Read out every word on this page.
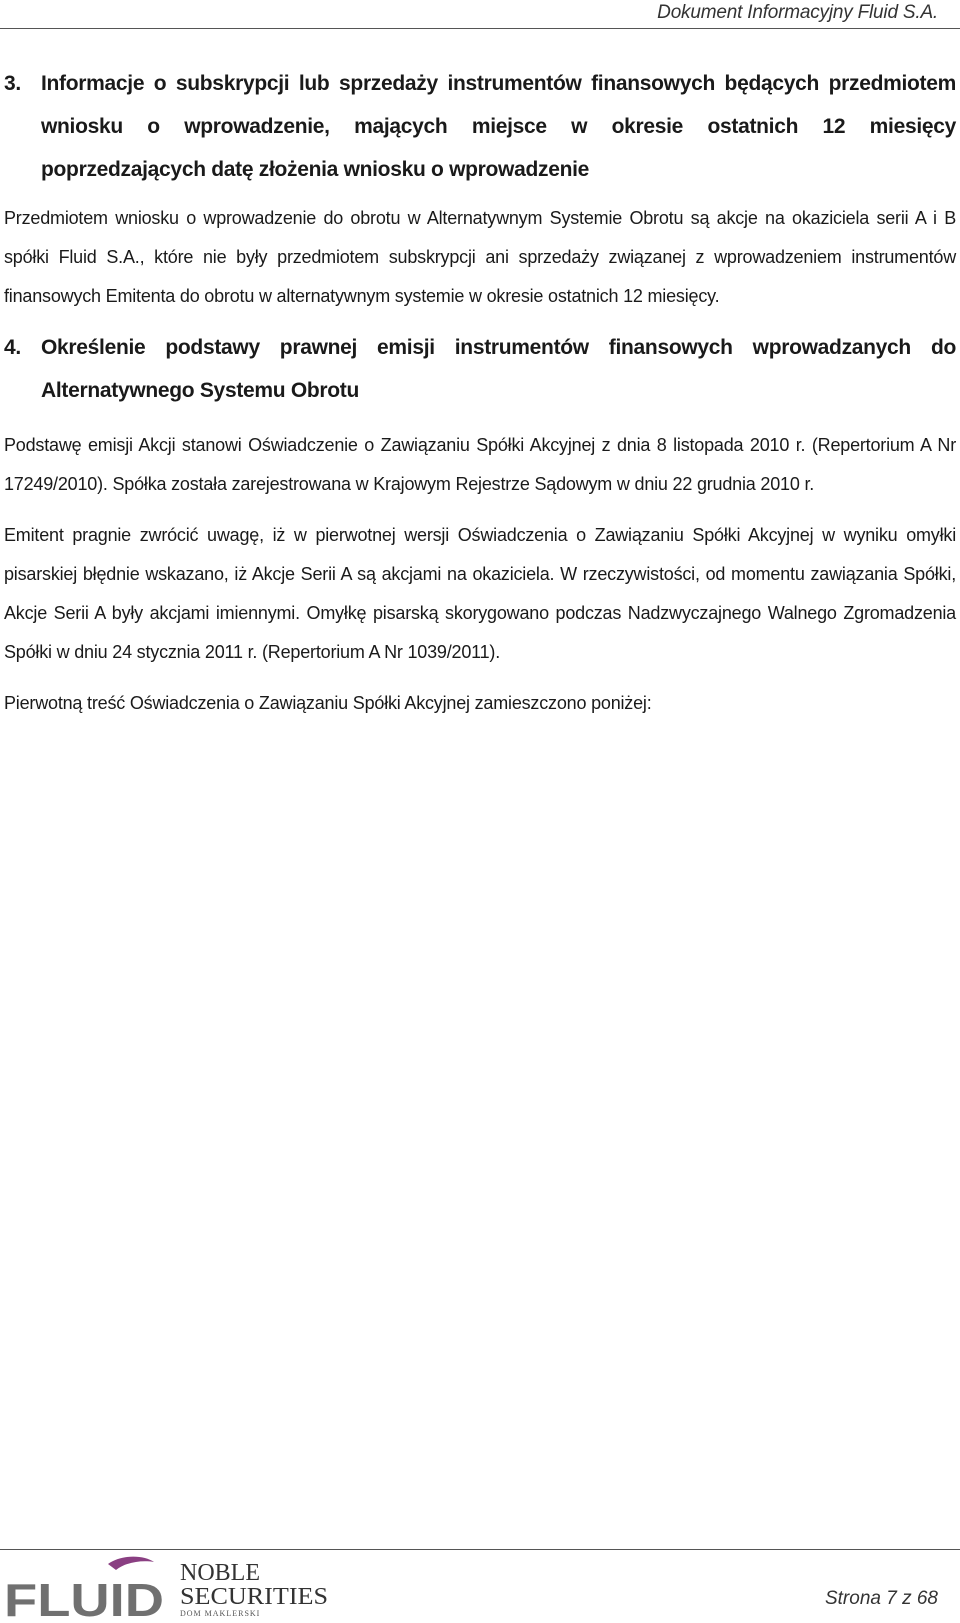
Dokument Informacyjny Fluid S.A.
3. Informacje o subskrypcji lub sprzedaży instrumentów finansowych będących przedmiotem wniosku o wprowadzenie, mających miejsce w okresie ostatnich 12 miesięcy poprzedzających datę złożenia wniosku o wprowadzenie

Przedmiotem wniosku o wprowadzenie do obrotu w Alternatywnym Systemie Obrotu są akcje na okaziciela serii A i B spółki Fluid S.A., które nie były przedmiotem subskrypcji ani sprzedaży związanej z wprowadzeniem instrumentów finansowych Emitenta do obrotu w alternatywnym systemie w okresie ostatnich 12 miesięcy.

4. Określenie podstawy prawnej emisji instrumentów finansowych wprowadzanych do Alternatywnego Systemu Obrotu

Podstawę emisji Akcji stanowi Oświadczenie o Zawiązaniu Spółki Akcyjnej z dnia 8 listopada 2010 r. (Repertorium A Nr 17249/2010). Spółka została zarejestrowana w Krajowym Rejestrze Sądowym w dniu 22 grudnia 2010 r.

Emitent pragnie zwrócić uwagę, iż w pierwotnej wersji Oświadczenia o Zawiązaniu Spółki Akcyjnej w wyniku omyłki pisarskiej błędnie wskazano, iż Akcje Serii A są akcjami na okaziciela. W rzeczywistości, od momentu zawiązania Spółki, Akcje Serii A były akcjami imiennymi. Omyłkę pisarską skorygowano podczas Nadzwyczajnego Walnego Zgromadzenia Spółki w dniu 24 stycznia 2011 r. (Repertorium A Nr 1039/2011).

Pierwotną treść Oświadczenia o Zawiązaniu Spółki Akcyjnej zamieszczono poniżej:

FLUID
NOBLE
SECURITIES
DOM MAKLERSKI
Strona 7 z 68
